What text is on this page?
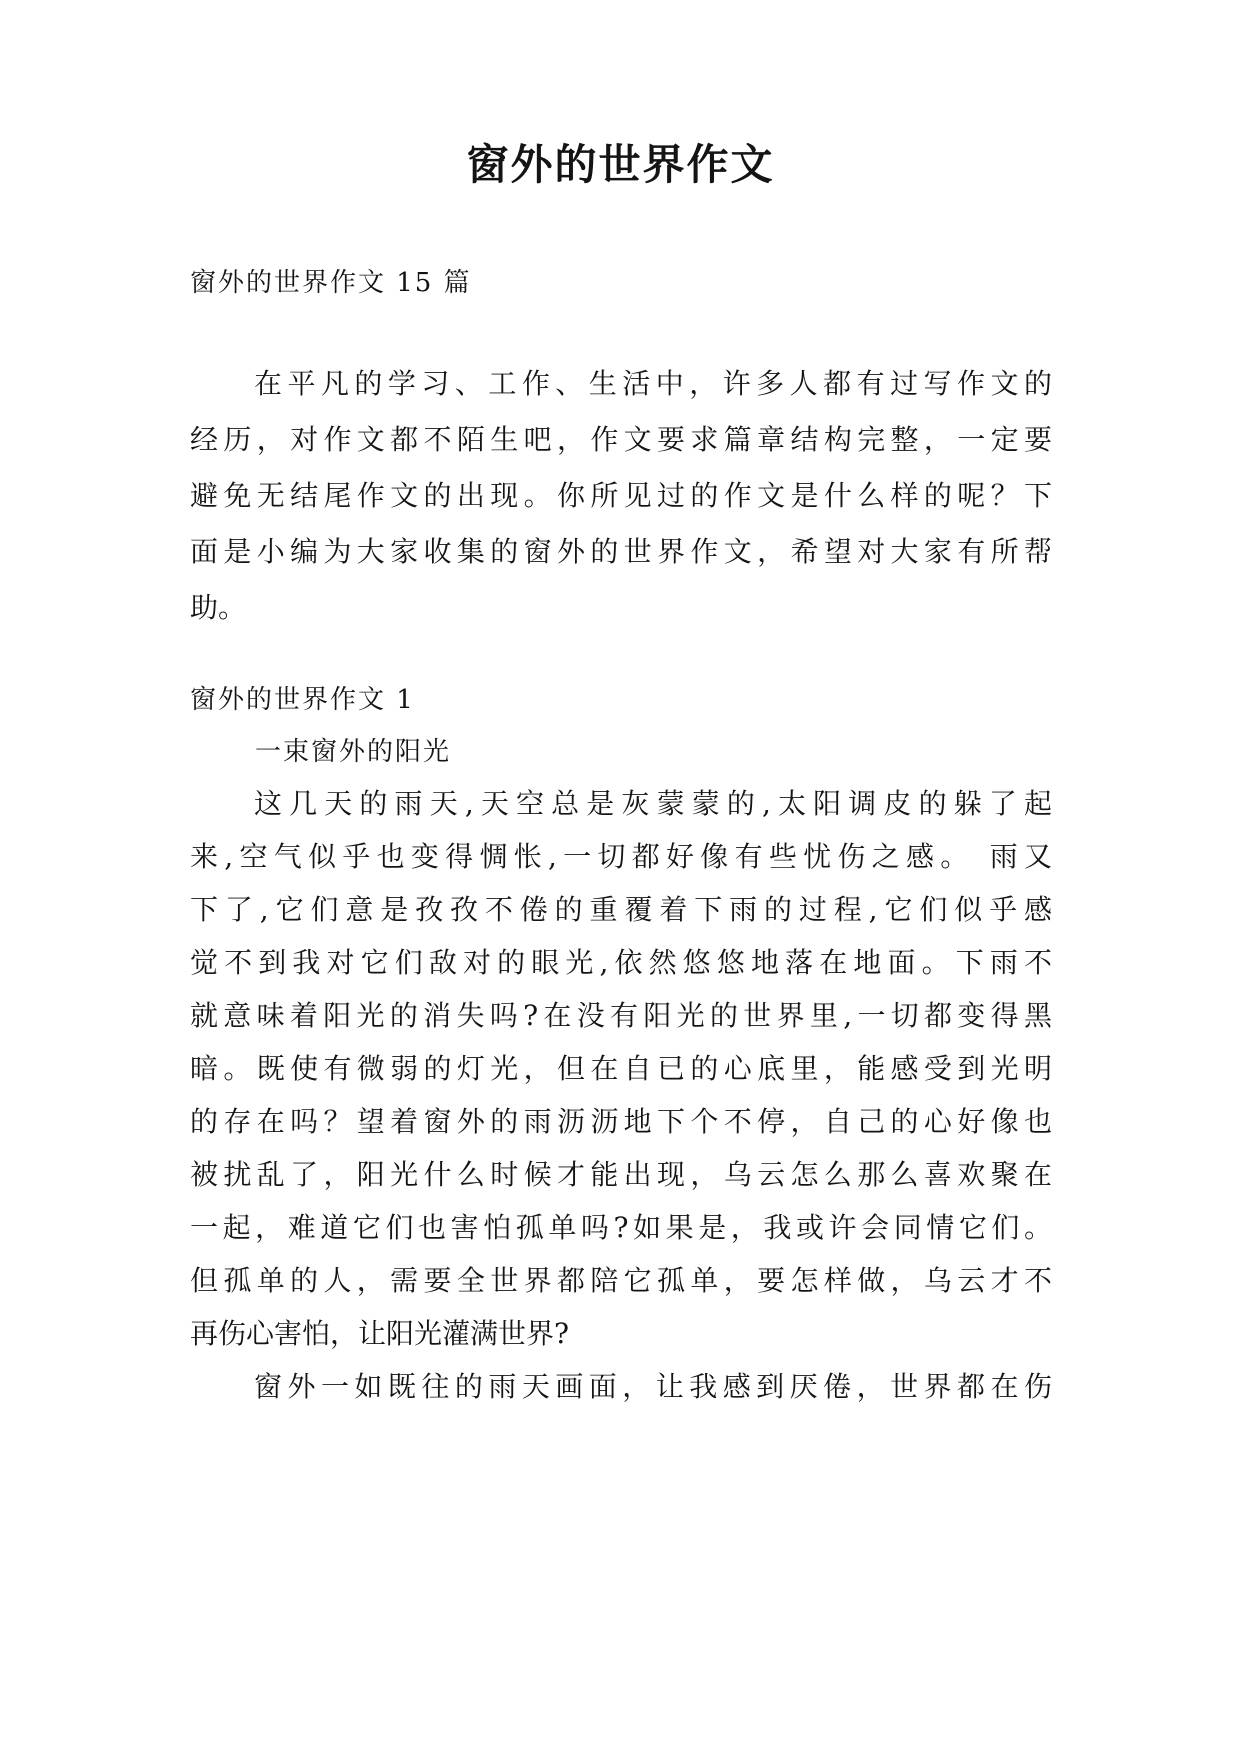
窗外的世界作文
窗外的世界作文 15 篇
在平凡的学习、工作、生活中，许多人都有过写作文的
经历，对作文都不陌生吧，作文要求篇章结构完整，一定要
避免无结尾作文的出现。你所见过的作文是什么样的呢？下
面是小编为大家收集的窗外的世界作文，希望对大家有所帮
助。
窗外的世界作文 1
一束窗外的阳光
这几天的雨天,天空总是灰蒙蒙的,太阳调皮的躲了起
来,空气似乎也变得惆怅,一切都好像有些忧伤之感。 雨又
下了,它们意是孜孜不倦的重覆着下雨的过程,它们似乎感
觉不到我对它们敌对的眼光,依然悠悠地落在地面。下雨不
就意味着阳光的消失吗?在没有阳光的世界里,一切都变得黑
暗。既使有微弱的灯光，但在自已的心底里，能感受到光明
的存在吗？望着窗外的雨沥沥地下个不停，自己的心好像也
被扰乱了，阳光什么时候才能出现，乌云怎么那么喜欢聚在
一起，难道它们也害怕孤单吗?如果是，我或许会同情它们。
但孤单的人，需要全世界都陪它孤单，要怎样做，乌云才不
再伤心害怕，让阳光灌满世界?
窗外一如既往的雨天画面，让我感到厌倦，世界都在伤
